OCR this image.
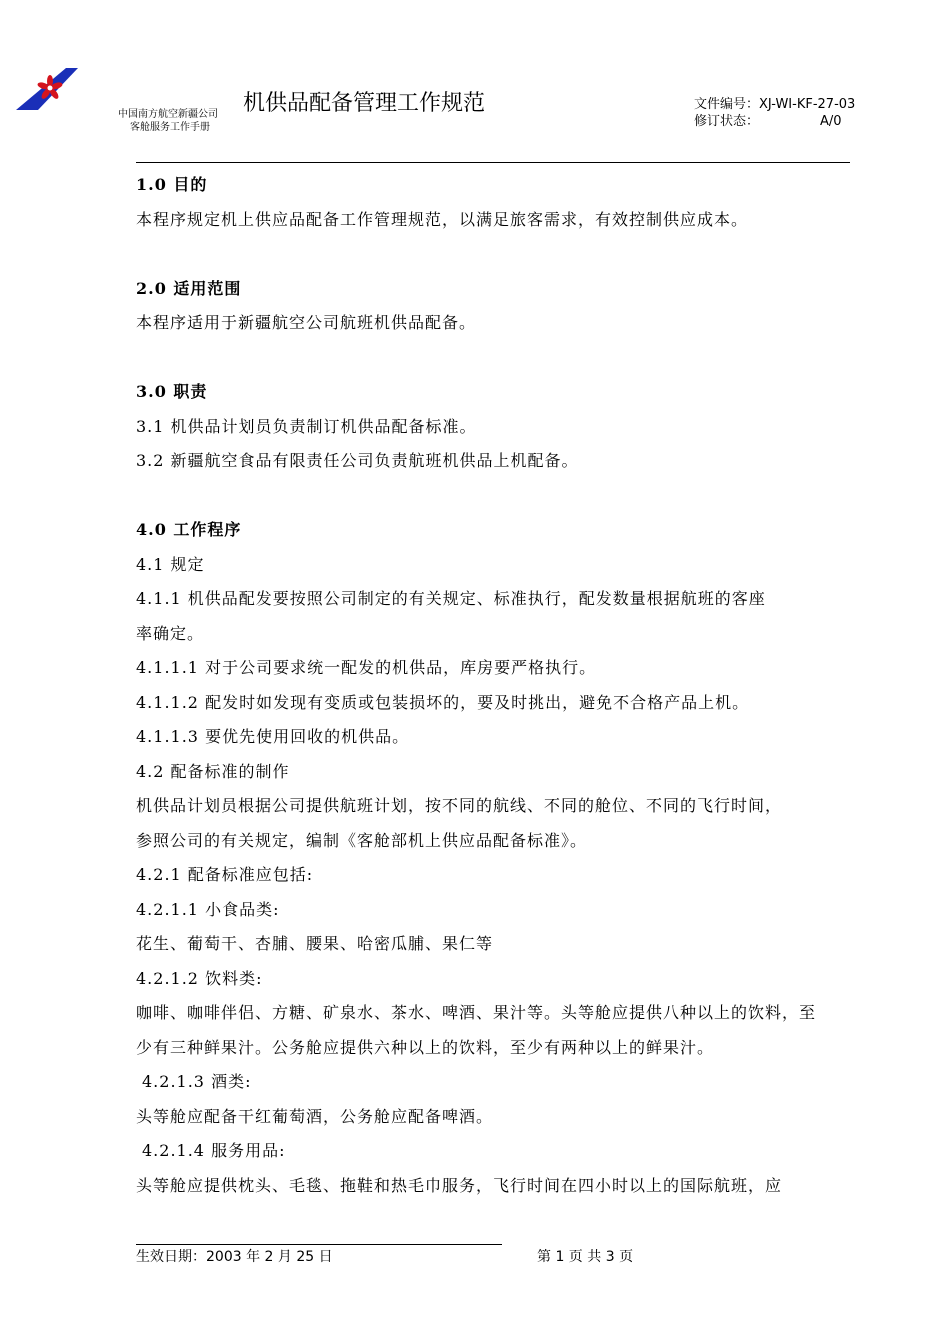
中国南方航空新疆公司
客舱服务工作手册
机供品配备管理工作规范	文件编号： XJ-WI-KF-27-03
修订状态：	A/0
1.0 目的
本程序规定机上供应品配备工作管理规范，以满足旅客需求，有效控制供应成本。
2.0 适用范围
本程序适用于新疆航空公司航班机供品配备。
3.0 职责
3.1 机供品计划员负责制订机供品配备标准。
3.2 新疆航空食品有限责任公司负责航班机供品上机配备。
4.0 工作程序
4.1 规定
4.1.1 机供品配发要按照公司制定的有关规定、标准执行，配发数量根据航班的客座
率确定。
4.1.1.1 对于公司要求统一配发的机供品，库房要严格执行。
4.1.1.2 配发时如发现有变质或包装损坏的，要及时挑出，避免不合格产品上机。
4.1.1.3 要优先使用回收的机供品。
4.2 配备标准的制作
机供品计划员根据公司提供航班计划，按不同的航线、不同的舱位、不同的飞行时间，
参照公司的有关规定，编制《客舱部机上供应品配备标准》。
4.2.1 配备标准应包括:
4.2.1.1 小食品类:
花生、葡萄干、杏脯、腰果、哈密瓜脯、果仁等
4.2.1.2 饮料类:
咖啡、咖啡伴侣、方糖、矿泉水、茶水、啤酒、果汁等。头等舱应提供八种以上的饮料，至
少有三种鲜果汁。公务舱应提供六种以上的饮料，至少有两种以上的鲜果汁。
4.2.1.3 酒类:
头等舱应配备干红葡萄酒，公务舱应配备啤酒。
4.2.1.4 服务用品:
头等舱应提供枕头、毛毯、拖鞋和热毛巾服务，飞行时间在四小时以上的国际航班，应
生效日期：2003 年 2 月 25 日	第 1 页 共 3 页
